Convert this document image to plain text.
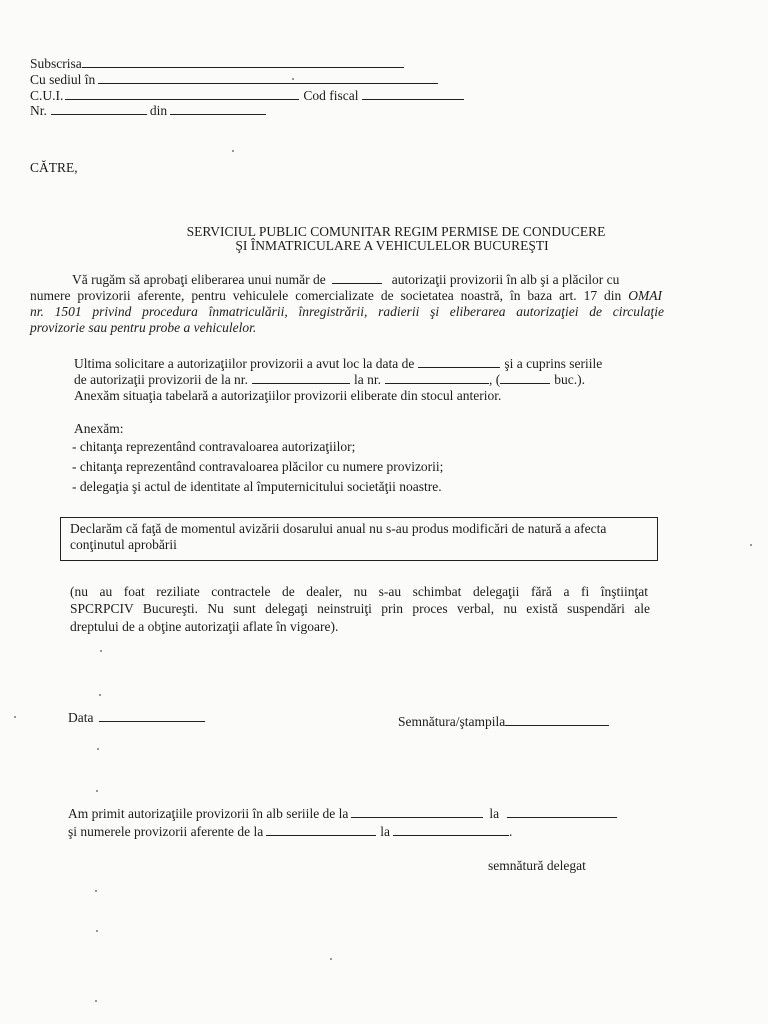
Subscrisa
Cu sediul în
C.U.I.	Cod fiscal
Nr.	din
CĂTRE,
SERVICIUL PUBLIC COMUNITAR REGIM PERMISE DE CONDUCERE
ŞI ÎNMATRICULARE A VEHICULELOR BUCUREŞTI
Vă rugăm să aprobaţi eliberarea unui număr de	autorizaţii provizorii în alb şi a plăcilor cu
numere provizorii aferente, pentru vehiculele comercializate de societatea noastră, în baza art. 17 din OMAI
nr. 1501 privind procedura înmatriculării, înregistrării, radierii şi eliberarea autorizaţiei de circulaţie
provizorie sau pentru probe a vehiculelor.
Ultima solicitare a autorizaţiilor provizorii a avut loc la data de	şi a cuprins seriile
de autorizaţii provizorii de la nr.	la nr.	, (	buc.).
Anexăm situaţia tabelară a autorizaţiilor provizorii eliberate din stocul anterior.
Anexăm:
- chitanţa reprezentând contravaloarea autorizaţiilor;
- chitanţa reprezentând contravaloarea plăcilor cu numere provizorii;
- delegaţia şi actul de identitate al împuternicitului societăţii noastre.
Declarăm că faţă de momentul avizării dosarului anual nu s-au produs modificări de natură a afecta
conţinutul aprobării
(nu au foat reziliate contractele de dealer, nu s-au schimbat delegaţii fără a fi înştiinţat
SPCRPCIV Bucureşti. Nu sunt delegaţi neinstruiţi prin proces verbal, nu există suspendări ale
dreptului de a obţine autorizaţii aflate în vigoare).
Data	Semnătura/ştampila
Am primit autorizaţiile provizorii în alb seriile de la	la
şi numerele provizorii aferente de la	la	.
semnătură delegat
